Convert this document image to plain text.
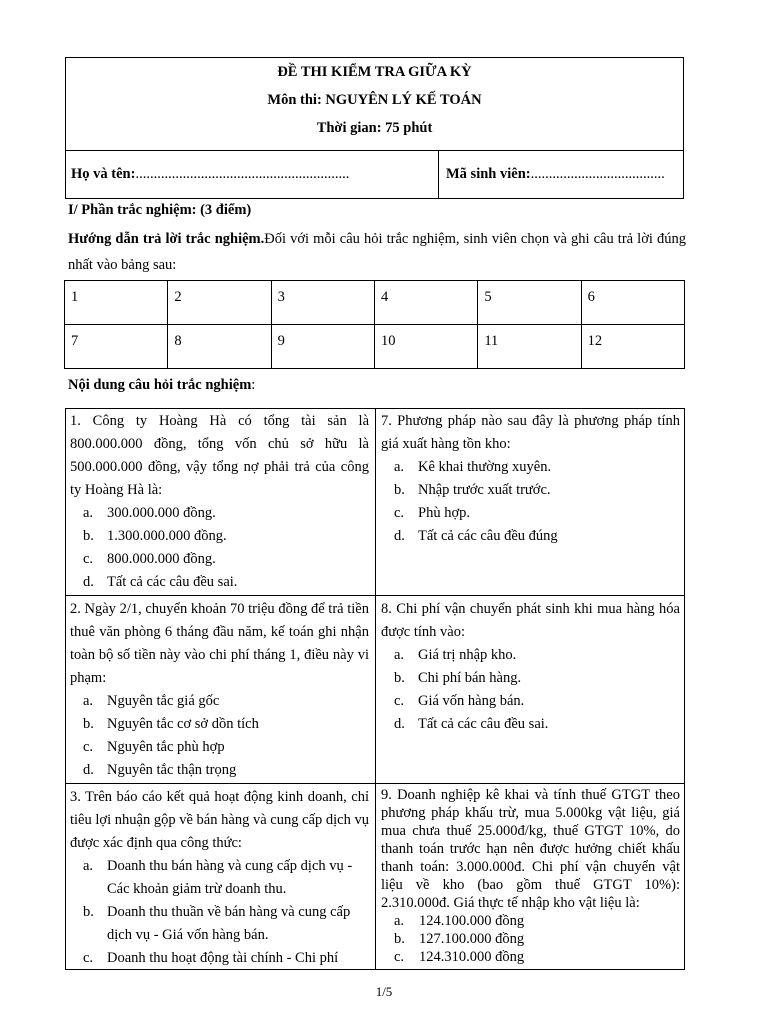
ĐỀ THI KIỂM TRA GIỮA KỲ
Môn thi: NGUYÊN LÝ KẾ TOÁN
Thời gian: 75 phút
Họ và tên:...........................................................	Mã sinh viên:.....................................
I/ Phần trắc nghiệm: (3 điểm)
Hướng dẫn trả lời trắc nghiệm.Đối với mỗi câu hỏi trắc nghiệm, sinh viên chọn và ghi câu trả lời đúng nhất vào bảng sau:
1	2	3	4	5	6
7	8	9	10	11	12
Nội dung câu hỏi trắc nghiệm:
1. Công ty Hoàng Hà có tổng tài sản là 800.000.000 đồng, tổng vốn chủ sở hữu là 500.000.000 đồng, vậy tổng nợ phải trả của công ty Hoàng Hà là:
a. 300.000.000 đồng.
b. 1.300.000.000 đồng.
c. 800.000.000 đồng.
d. Tất cả các câu đều sai.
7. Phương pháp nào sau đây là phương pháp tính giá xuất hàng tồn kho:
a. Kê khai thường xuyên.
b. Nhập trước xuất trước.
c. Phù hợp.
d. Tất cả các câu đều đúng
2. Ngày 2/1, chuyển khoản 70 triệu đồng để trả tiền thuê văn phòng 6 tháng đầu năm, kế toán ghi nhận toàn bộ số tiền này vào chi phí tháng 1, điều này vi phạm:
a. Nguyên tắc giá gốc
b. Nguyên tắc cơ sở dồn tích
c. Nguyên tắc phù hợp
d. Nguyên tắc thận trọng
8. Chi phí vận chuyển phát sinh khi mua hàng hóa được tính vào:
a. Giá trị nhập kho.
b. Chi phí bán hàng.
c. Giá vốn hàng bán.
d. Tất cả các câu đều sai.
3. Trên báo cáo kết quả hoạt động kinh doanh, chỉ tiêu lợi nhuận gộp về bán hàng và cung cấp dịch vụ được xác định qua công thức:
a. Doanh thu bán hàng và cung cấp dịch vụ - Các khoản giảm trừ doanh thu.
b. Doanh thu thuần về bán hàng và cung cấp dịch vụ - Giá vốn hàng bán.
c. Doanh thu hoạt động tài chính - Chi phí
9. Doanh nghiệp kê khai và tính thuế GTGT theo phương pháp khấu trừ, mua 5.000kg vật liệu, giá mua chưa thuế 25.000đ/kg, thuế GTGT 10%, do thanh toán trước hạn nên được hưởng chiết khấu thanh toán: 3.000.000đ. Chi phí vận chuyển vật liệu về kho (bao gồm thuế GTGT 10%): 2.310.000đ. Giá thực tế nhập kho vật liệu là:
a. 124.100.000 đồng
b. 127.100.000 đồng
c. 124.310.000 đồng
1/5
